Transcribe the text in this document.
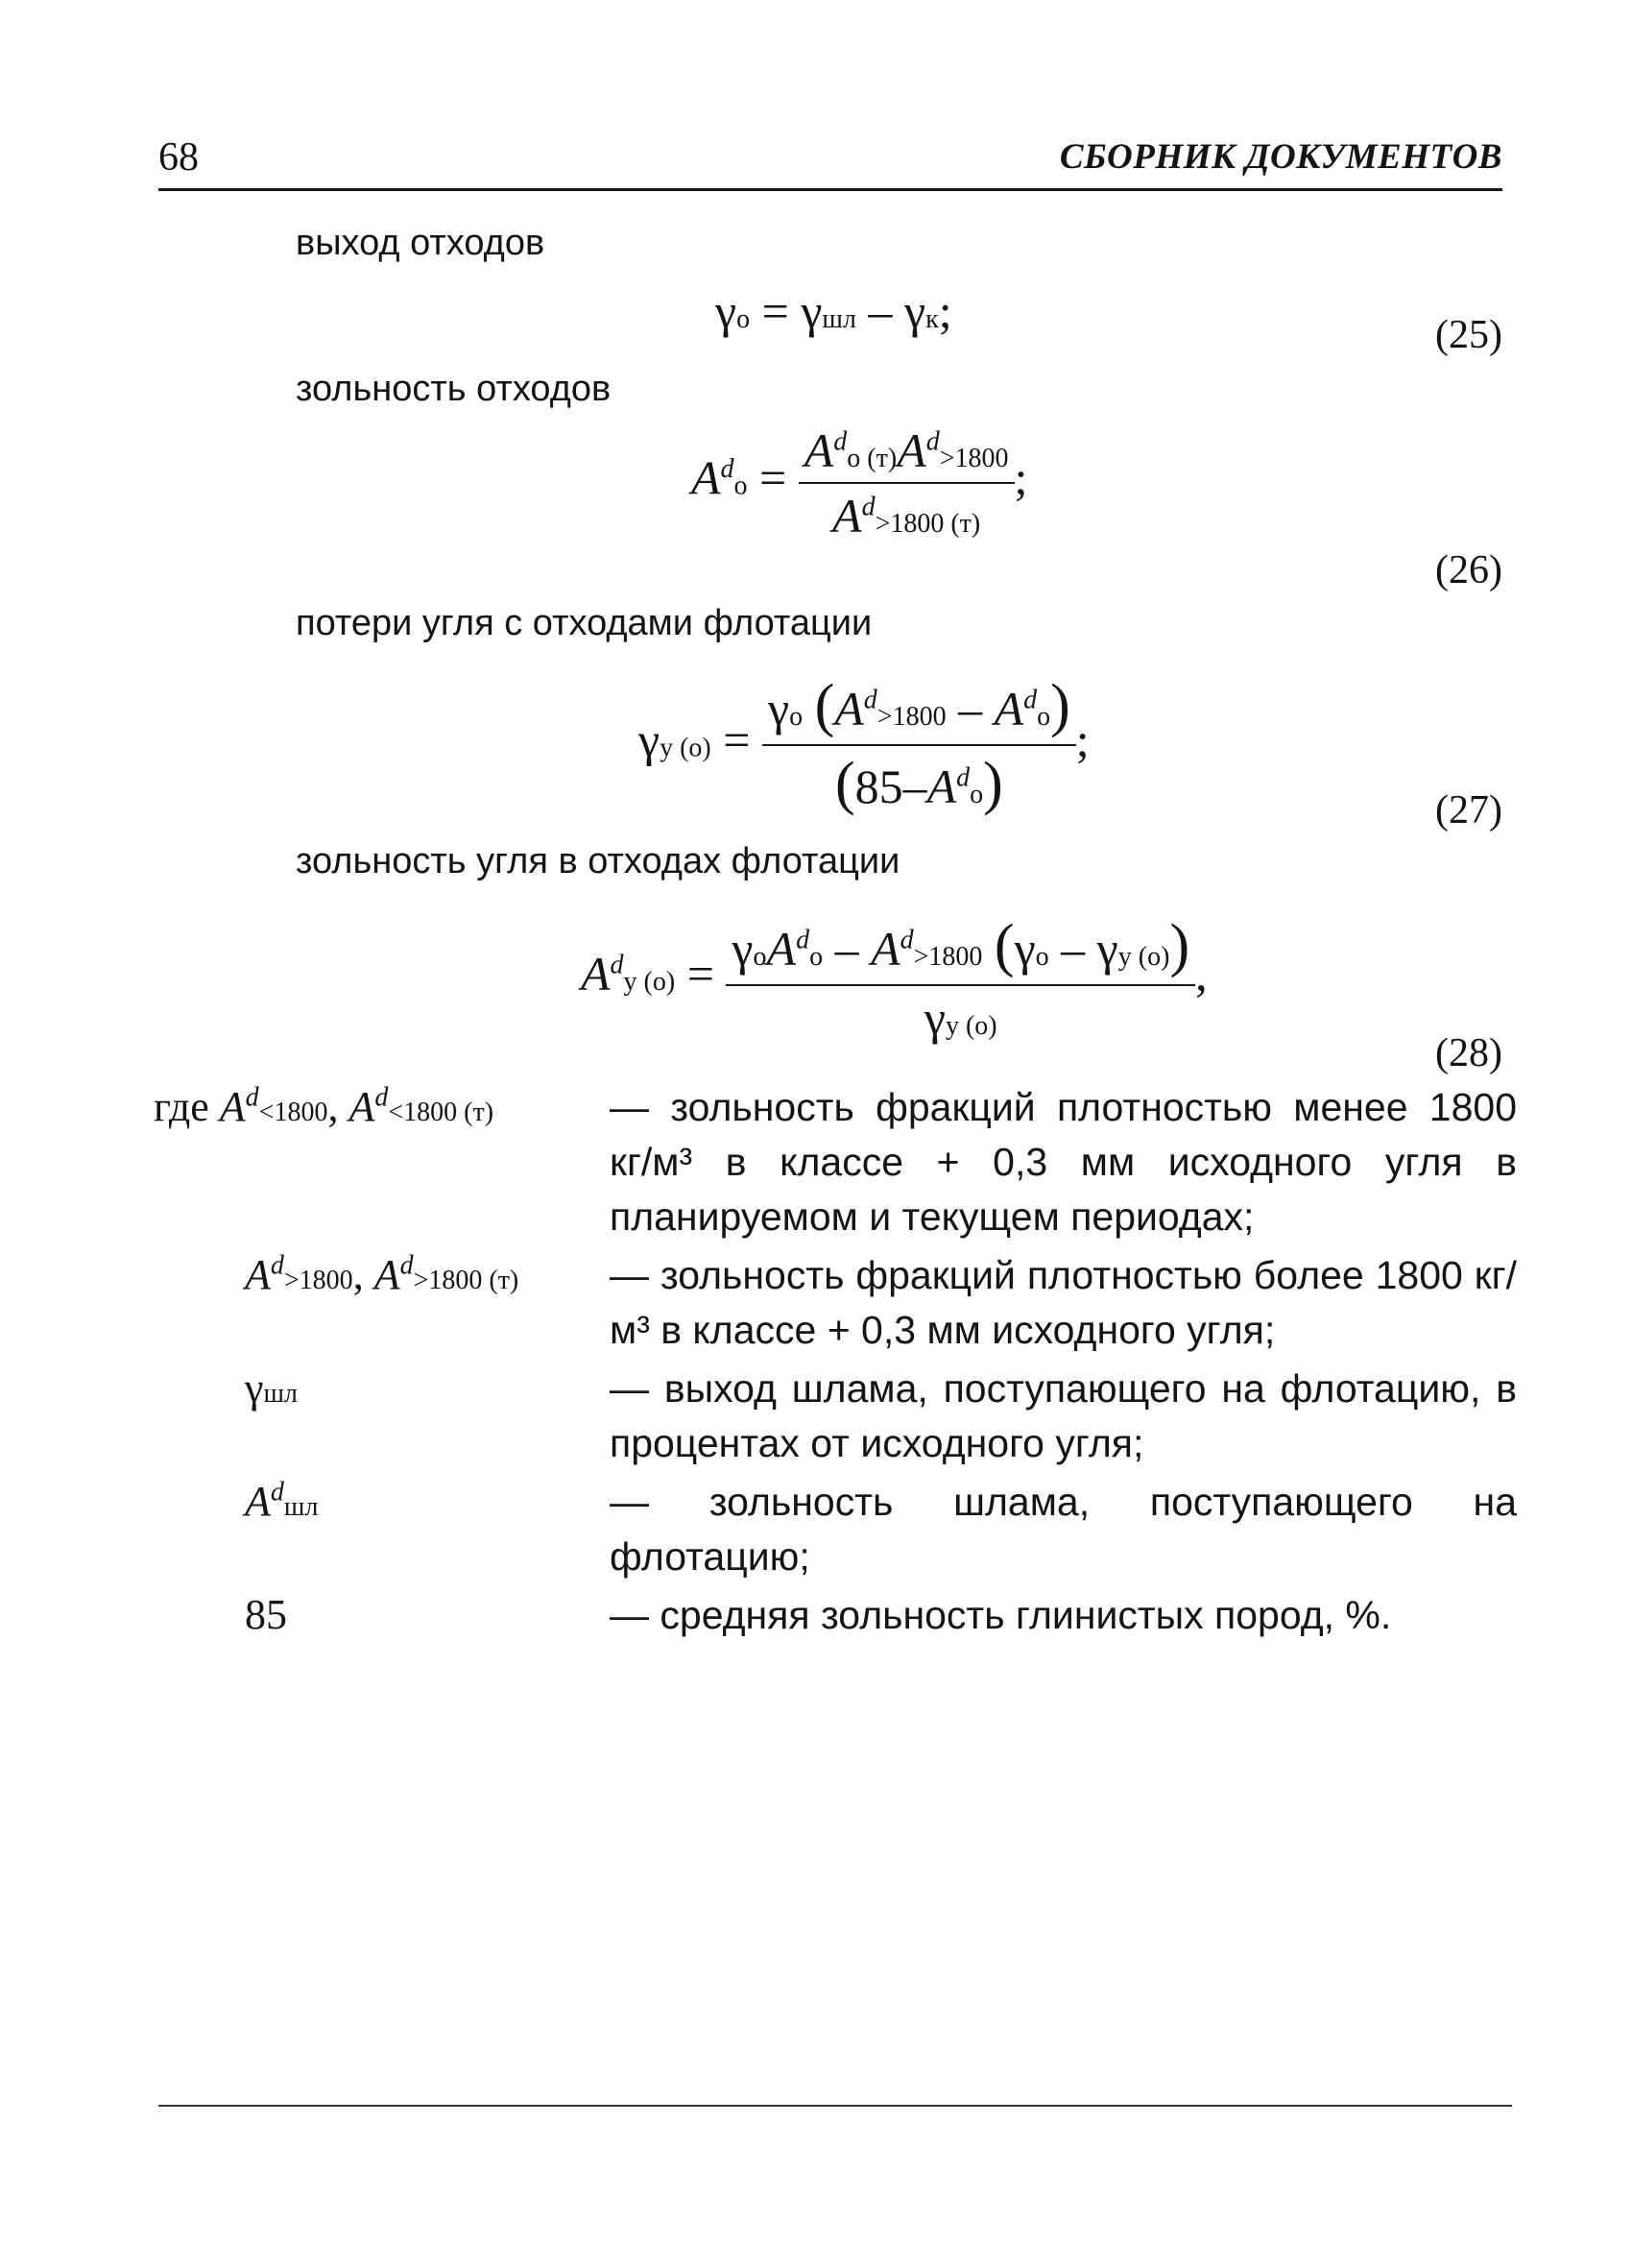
68	СБОРНИК ДОКУМЕНТОВ
выход отходов
γо = γшл – γк;	(25)
зольность отходов
$A^dо = \frac{A^dо (т)A^d>1800}{A^d>1800 (т)}$ ;
(26)
потери угля с отходами флотации
γу $(о) = \frac{\gamma о (A^d>1800 - A^dо)}{(85-A^dо)}$ ;
(27)
зольность угля в отходах флотации
$A^dу$ $(о) = \frac{\gamma оA^dо - A^d>1800 (\gamma о - \gamma у (о))}{\gamma у (о)}$ ,
(28)
где $A^d<1800$, $A^d<1800$ (т)	— зольность фракций плотностью менее 1800 кг/м³ в классе + 0,3 мм исходного угля в планируемом и текущем периодах;
$A^d>1800$, $A^d>1800$ (т)	— зольность фракций плотностью более 1800 кг/м³ в классе + 0,3 мм исходного угля;
γшл	— выход шлама, поступающего на флотацию, в процентах от исходного угля;
$A^dшл$	— зольность шлама, поступающего на флотацию;
85	— средняя зольность глинистых пород, %.
